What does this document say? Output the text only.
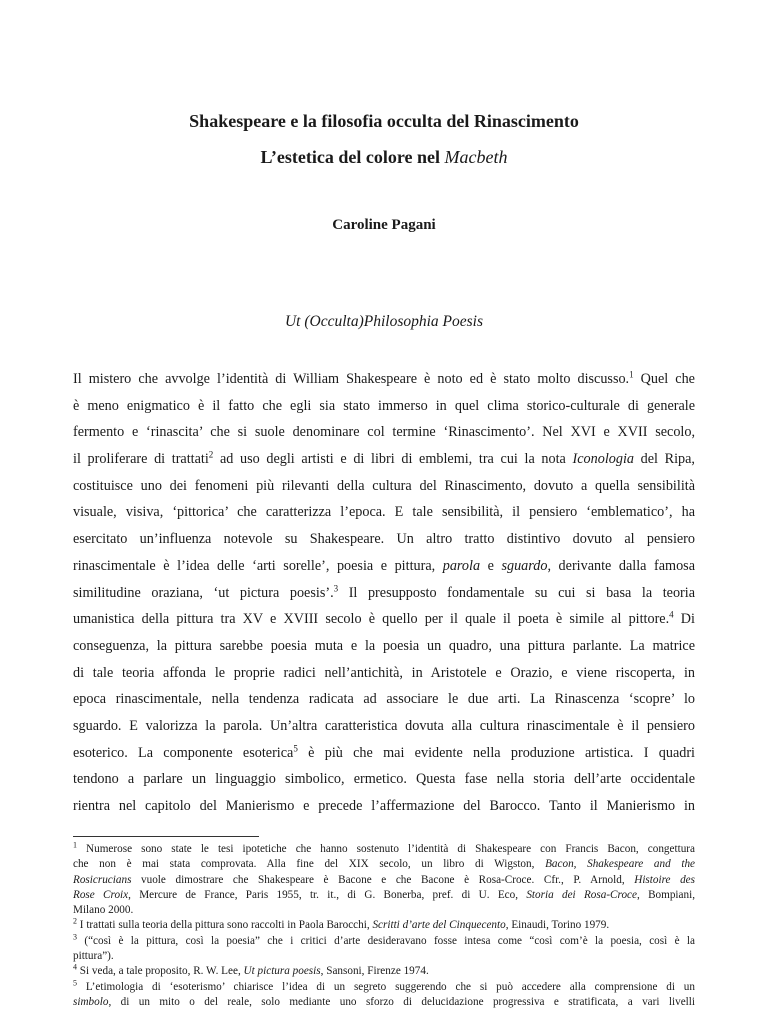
Shakespeare e la filosofia occulta del Rinascimento
L’estetica del colore nel Macbeth
Caroline Pagani
Ut (Occulta)Philosophia Poesis
Il mistero che avvolge l’identità di William Shakespeare è noto ed è stato molto discusso.$^1$ Quel che
è meno enigmatico è il fatto che egli sia stato immerso in quel clima storico-culturale di generale
fermento e ‘rinascita’ che si suole denominare col termine ‘Rinascimento’. Nel XVI e XVII secolo,
il proliferare di trattati$^2$ ad uso degli artisti e di libri di emblemi, tra cui la nota Iconologia del Ripa,
costituisce uno dei fenomeni più rilevanti della cultura del Rinascimento, dovuto a quella sensibilità
visuale, visiva, ‘pittorica’ che caratterizza l’epoca. E tale sensibilità, il pensiero ‘emblematico’, ha
esercitato un’influenza notevole su Shakespeare. Un altro tratto distintivo dovuto al pensiero
rinascimentale è l’idea delle ‘arti sorelle’, poesia e pittura, parola e sguardo, derivante dalla famosa
similitudine oraziana, ‘ut pictura poesis’.$^3$ Il presupposto fondamentale su cui si basa la teoria
umanistica della pittura tra XV e XVIII secolo è quello per il quale il poeta è simile al pittore.$^4$ Di
conseguenza, la pittura sarebbe poesia muta e la poesia un quadro, una pittura parlante. La matrice
di tale teoria affonda le proprie radici nell’antichità, in Aristotele e Orazio, e viene riscoperta, in
epoca rinascimentale, nella tendenza radicata ad associare le due arti. La Rinascenza ‘scopre’ lo
sguardo. E valorizza la parola. Un’altra caratteristica dovuta alla cultura rinascimentale è il pensiero
esoterico. La componente esoterica$^5$ è più che mai evidente nella produzione artistica. I quadri
tendono a parlare un linguaggio simbolico, ermetico. Questa fase nella storia dell’arte occidentale
rientra nel capitolo del Manierismo e precede l’affermazione del Barocco. Tanto il Manierismo in
$^1$ Numerose sono state le tesi ipotetiche che hanno sostenuto l’identità di Shakespeare con Francis Bacon, congettura
che non è mai stata comprovata. Alla fine del XIX secolo, un libro di Wigston, Bacon, Shakespeare and the
Rosicrucians vuole dimostrare che Shakespeare è Bacone e che Bacone è Rosa-Croce. Cfr., P. Arnold, Histoire des
Rose Croix, Mercure de France, Paris 1955, tr. it., di G. Bonerba, pref. di U. Eco, Storia dei Rosa-Croce, Bompiani,
Milano 2000.
$^2$ I trattati sulla teoria della pittura sono raccolti in Paola Barocchi, Scritti d’arte del Cinquecento, Einaudi, Torino 1979.
$^3$ (“così è la pittura, così la poesia” che i critici d’arte desideravano fosse intesa come “così com’è la poesia, così è la
pittura”).
$^4$ Si veda, a tale proposito, R. W. Lee, Ut pictura poesis, Sansoni, Firenze 1974.
$^5$ L’etimologia di ‘esoterismo’ chiarisce l’idea di un segreto suggerendo che si può accedere alla comprensione di un
simbolo, di un mito o del reale, solo mediante uno sforzo di delucidazione progressiva e stratificata, a vari livelli
